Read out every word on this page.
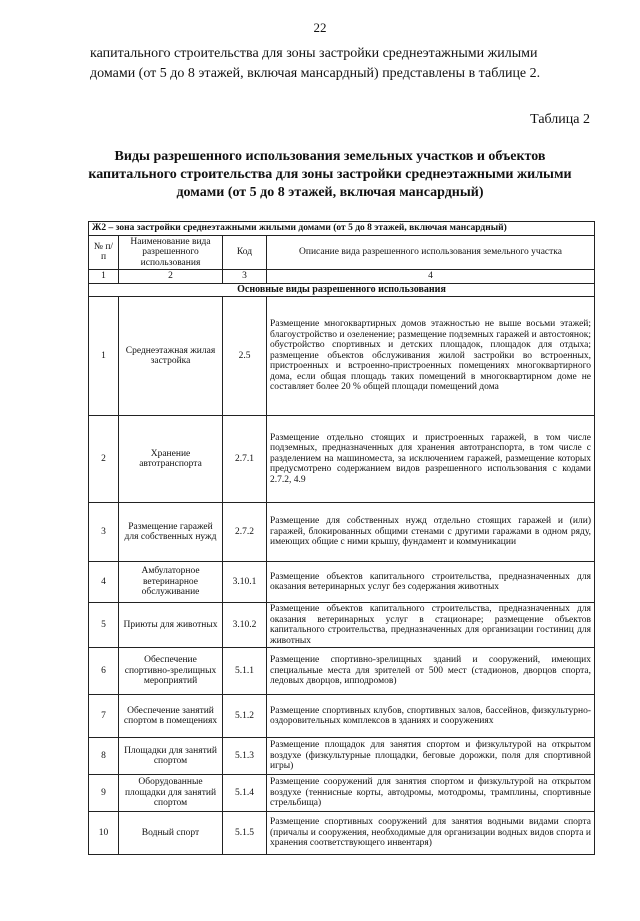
22

капитального строительства для зоны застройки среднеэтажными жилыми

домами (от 5 до 8 этажей, включая мансардный) представлены в таблице 2.

Таблица 2
Виды разрешенного использования земельных участков и объектов капитального строительства для зоны застройки среднеэтажными жилыми домами (от 5 до 8 этажей, включая мансардный)
Ж2 – зона застройки среднеэтажными жилыми домами (от 5 до 8 этажей, включая мансардный)			
№ п/п	Наименование вида разрешенного использования	Код	Описание вида разрешенного использования земельного участка
1	2	3	4
Основные виды разрешенного использования			
1	Среднеэтажная жилая застройка	2.5	Размещение многоквартирных домов этажностью не выше восьми этажей; благоустройство и озеленение; размещение подземных гаражей и автостоянок; обустройство спортивных и детских площадок, площадок для отдыха; размещение объектов обслуживания жилой застройки во встроенных, пристроенных и встроенно-пристроенных помещениях многоквартирного дома, если общая площадь таких помещений в многоквартирном доме не составляет более 20 % общей площади помещений дома
2	Хранение автотранспорта	2.7.1	Размещение отдельно стоящих и пристроенных гаражей, в том числе подземных, предназначенных для хранения автотранспорта, в том числе с разделением на машиноместа, за исключением гаражей, размещение которых предусмотрено содержанием видов разрешенного использования с кодами 2.7.2, 4.9
3	Размещение гаражей для собственных нужд	2.7.2	Размещение для собственных нужд отдельно стоящих гаражей и (или) гаражей, блокированных общими стенами с другими гаражами в одном ряду, имеющих общие с ними крышу, фундамент и коммуникации
4	Амбулаторное ветеринарное обслуживание	3.10.1	Размещение объектов капитального строительства, предназначенных для оказания ветеринарных услуг без содержания животных
5	Приюты для животных	3.10.2	Размещение объектов капитального строительства, предназначенных для оказания ветеринарных услуг в стационаре; размещение объектов капитального строительства, предназначенных для организации гостиниц для животных
6	Обеспечение спортивно-зрелищных мероприятий	5.1.1	Размещение спортивно-зрелищных зданий и сооружений, имеющих специальные места для зрителей от 500 мест (стадионов, дворцов спорта, ледовых дворцов, ипподромов)
7	Обеспечение занятий спортом в помещениях	5.1.2	Размещение спортивных клубов, спортивных залов, бассейнов, физкультурно-оздоровительных комплексов в зданиях и сооружениях
8	Площадки для занятий спортом	5.1.3	Размещение площадок для занятия спортом и физкультурой на открытом воздухе (физкультурные площадки, беговые дорожки, поля для спортивной игры)
9	Оборудованные площадки для занятий спортом	5.1.4	Размещение сооружений для занятия спортом и физкультурой на открытом воздухе (теннисные корты, автодромы, мотодромы, трамплины, спортивные стрельбища)
10	Водный спорт	5.1.5	Размещение спортивных сооружений для занятия водными видами спорта (причалы и сооружения, необходимые для организации водных видов спорта и хранения соответствующего инвентаря)
